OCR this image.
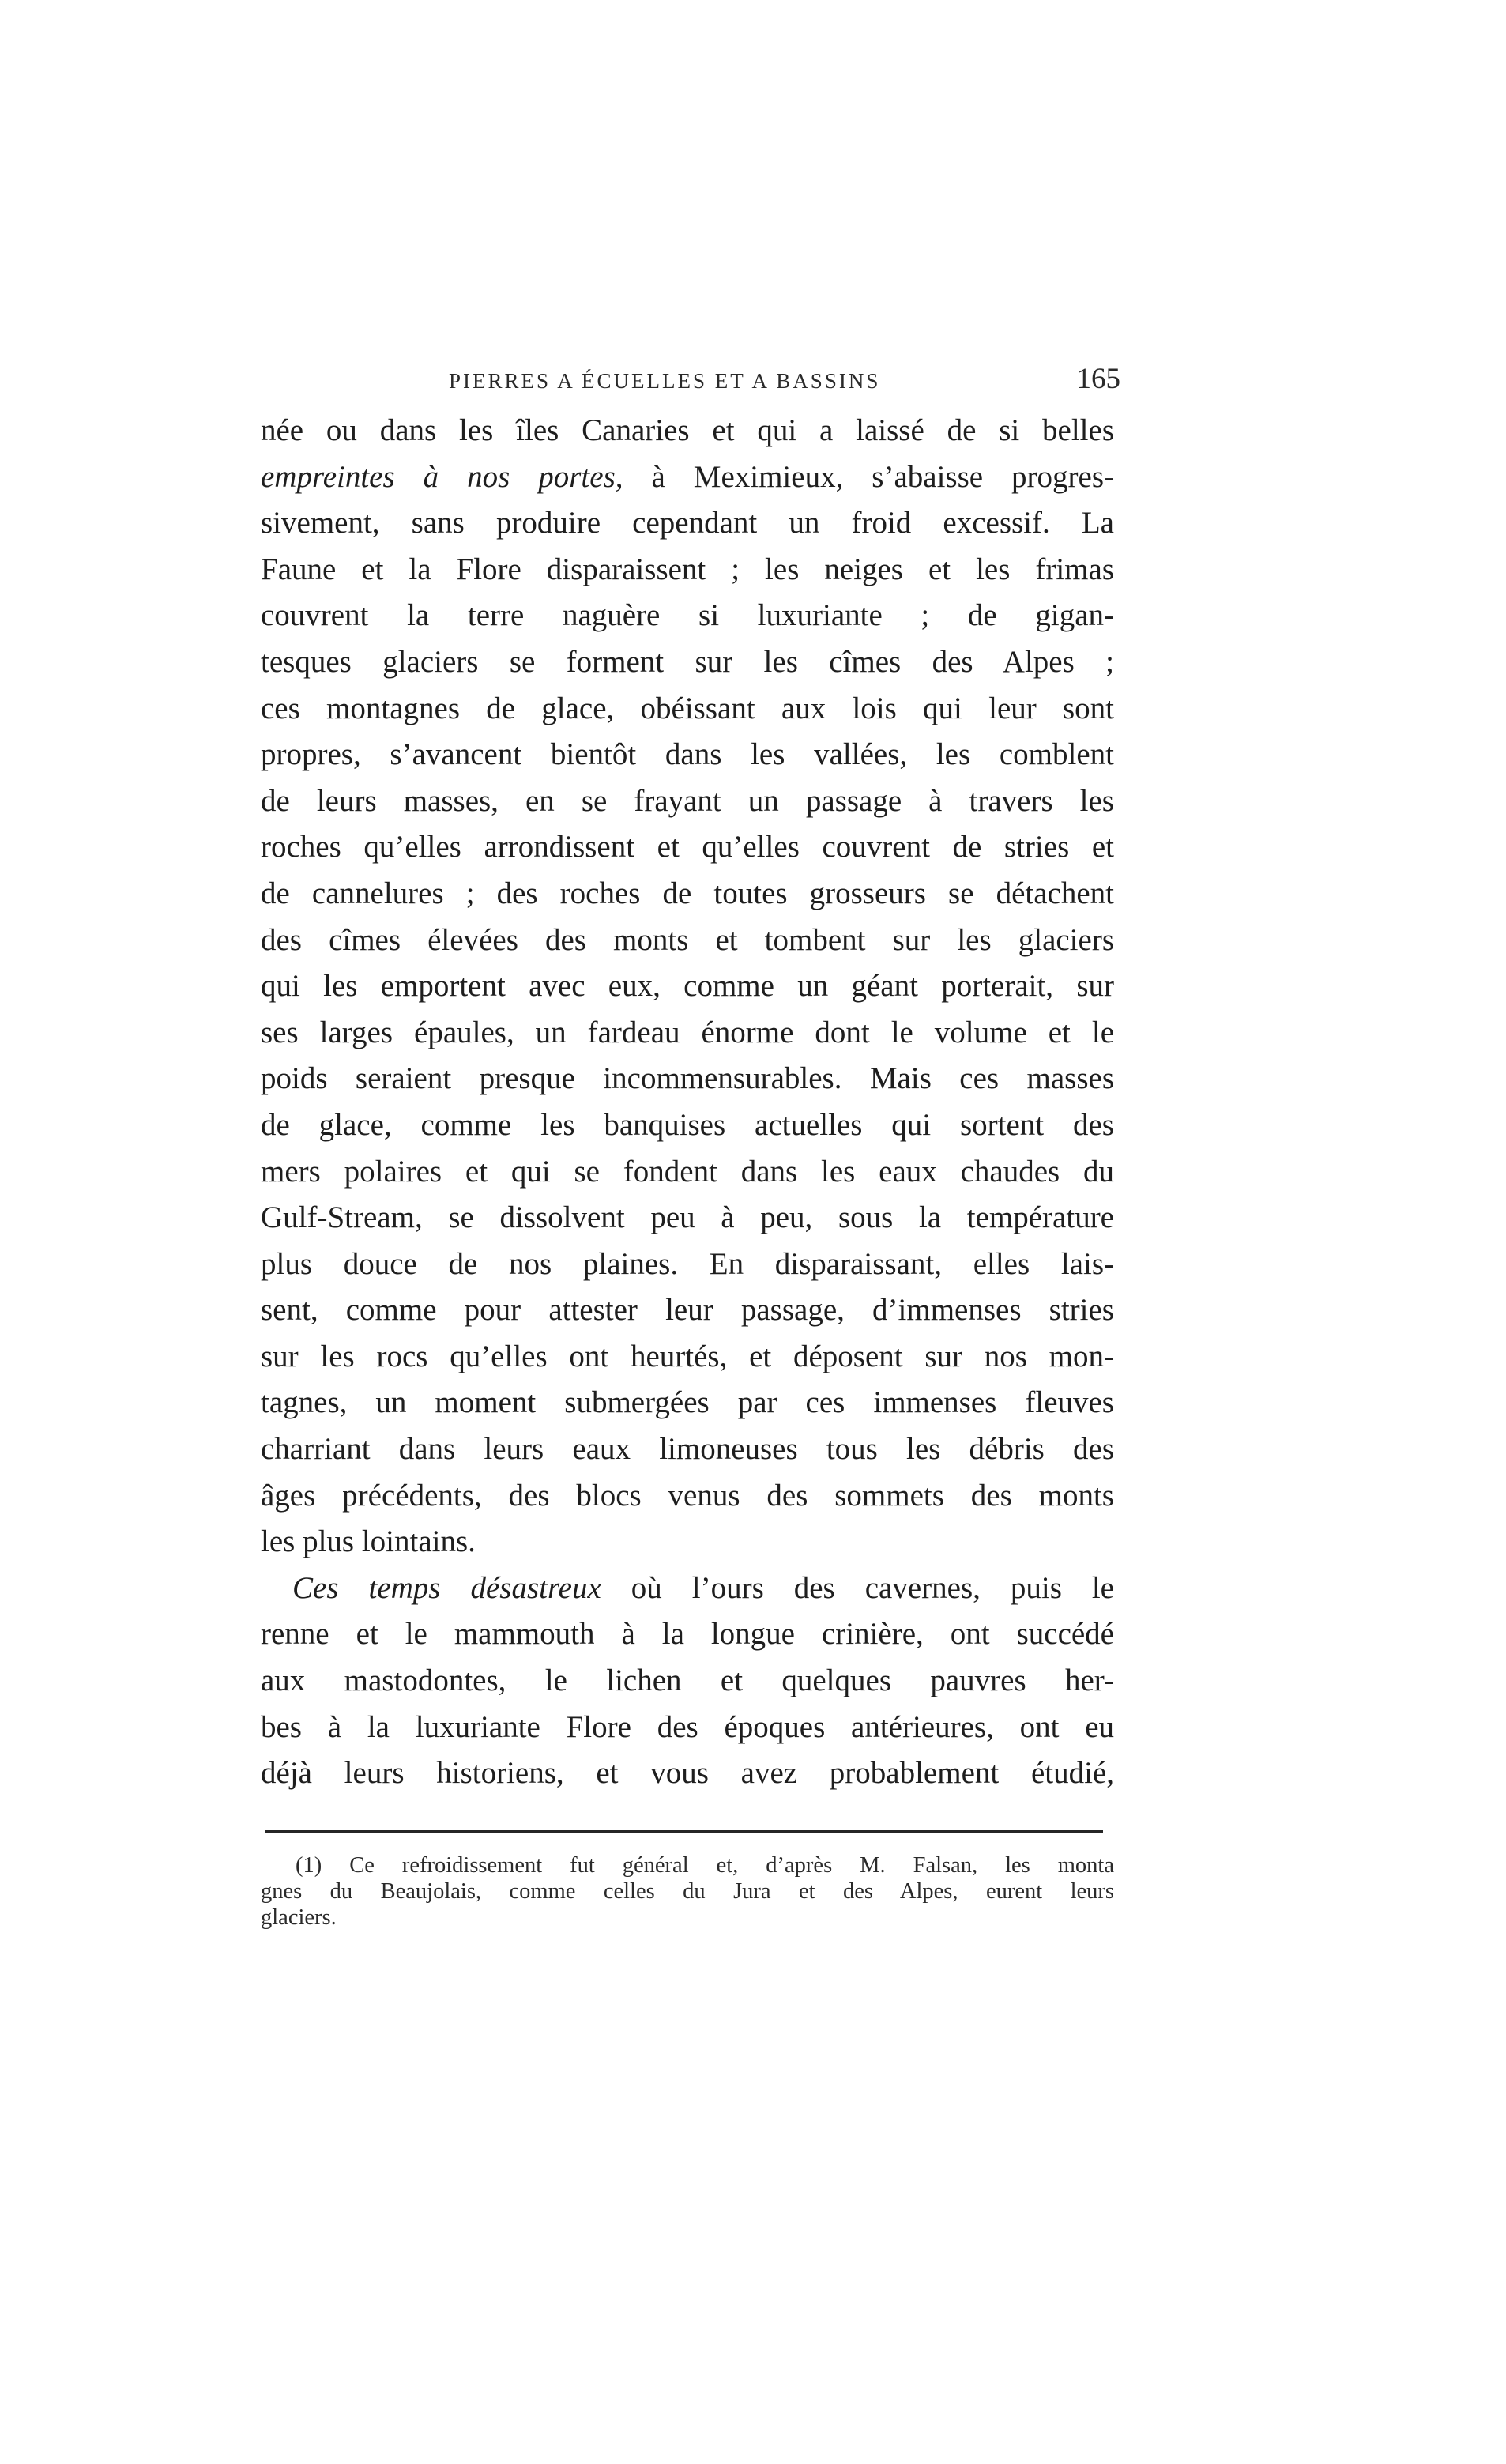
PIERRES A ÉCUELLES ET A BASSINS	165
née ou dans les îles Canaries et qui a laissé de si belles
empreintes à nos portes, à Meximieux, s’abaisse progres-
sivement, sans produire cependant un froid excessif. La
Faune et la Flore disparaissent ; les neiges et les frimas
couvrent la terre naguère si luxuriante ; de gigan-
tesques glaciers se forment sur les cîmes des Alpes ;
ces montagnes de glace, obéissant aux lois qui leur sont
propres, s’avancent bientôt dans les vallées, les comblent
de leurs masses, en se frayant un passage à travers les
roches qu’elles arrondissent et qu’elles couvrent de stries et
de cannelures ; des roches de toutes grosseurs se détachent
des cîmes élevées des monts et tombent sur les glaciers
qui les emportent avec eux, comme un géant porterait, sur
ses larges épaules, un fardeau énorme dont le volume et le
poids seraient presque incommensurables. Mais ces masses
de glace, comme les banquises actuelles qui sortent des
mers polaires et qui se fondent dans les eaux chaudes du
Gulf-Stream, se dissolvent peu à peu, sous la température
plus douce de nos plaines. En disparaissant, elles lais-
sent, comme pour attester leur passage, d’immenses stries
sur les rocs qu’elles ont heurtés, et déposent sur nos mon-
tagnes, un moment submergées par ces immenses fleuves
charriant dans leurs eaux limoneuses tous les débris des
âges précédents, des blocs venus des sommets des monts
les plus lointains.
Ces temps désastreux où l’ours des cavernes, puis le
renne et le mammouth à la longue crinière, ont succédé
aux mastodontes, le lichen et quelques pauvres her-
bes à la luxuriante Flore des époques antérieures, ont eu
déjà leurs historiens, et vous avez probablement étudié,
(1) Ce refroidissement fut général et, d’après M. Falsan, les monta
gnes du Beaujolais, comme celles du Jura et des Alpes, eurent leurs
glaciers.
